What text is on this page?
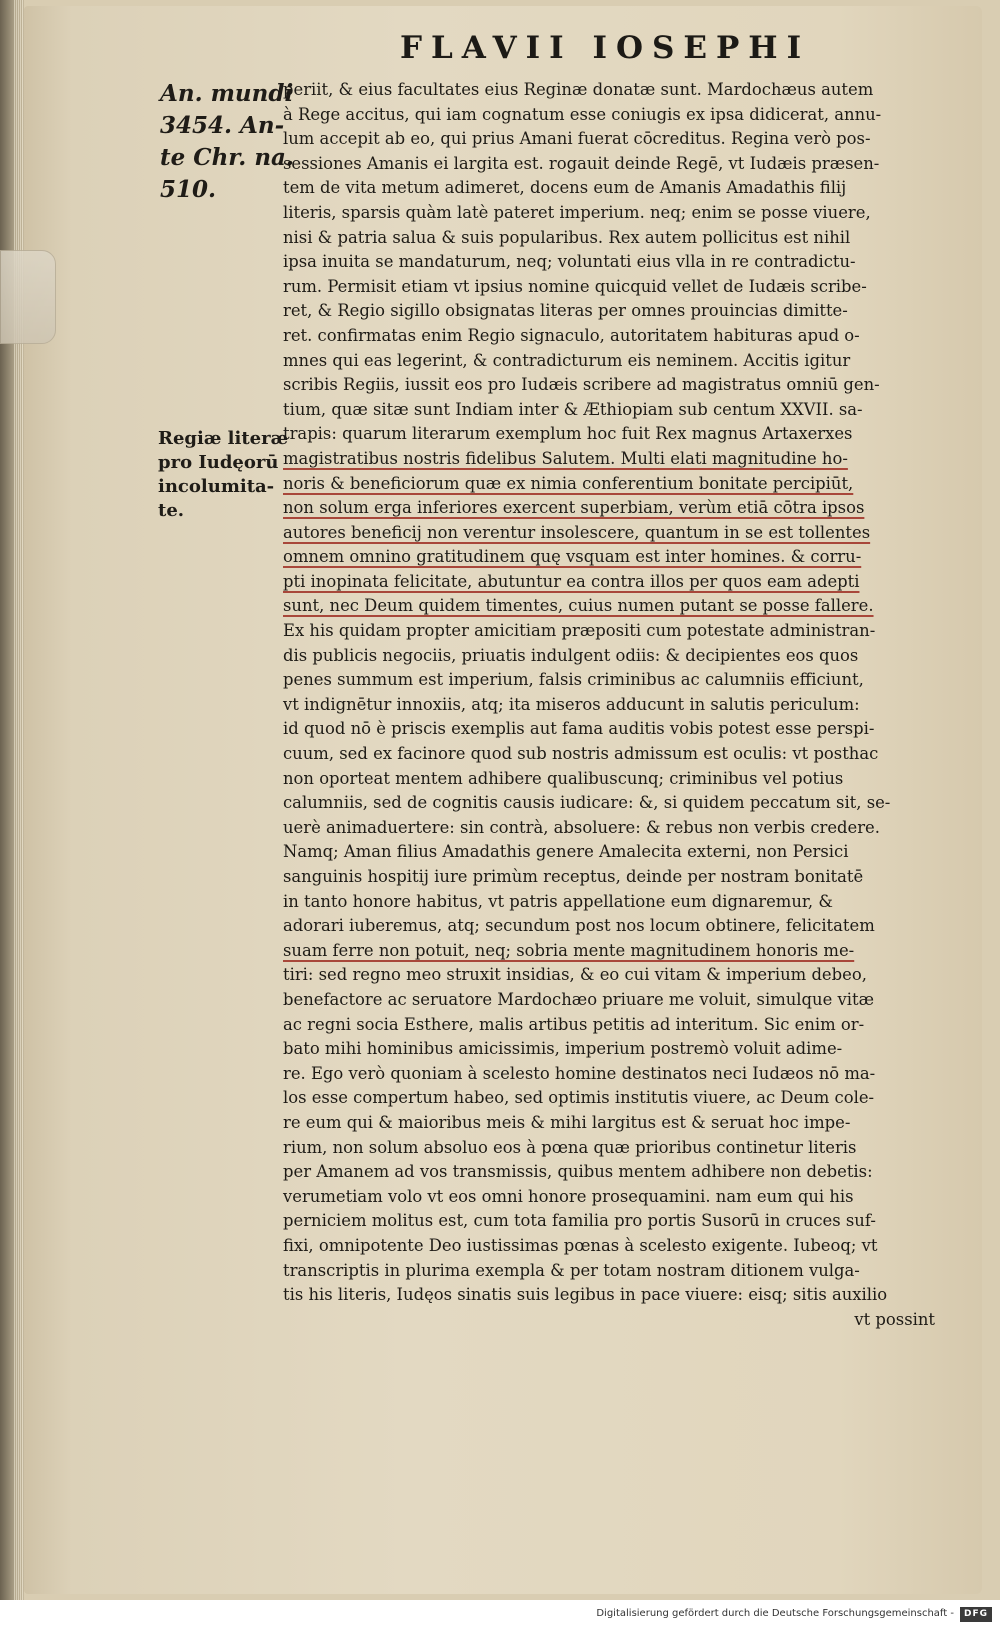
FLAVII IOSEPHI
An. mundi
3454. An-
te Chr. na.
510.
Regiæ literæ
pro Iudęorū
incolumita-
te.
periit, & eius facultates eius Reginæ donatæ sunt. Mardochæus autem
à Rege accitus, qui iam cognatum esse coniugis ex ipsa didicerat, annu-
lum accepit ab eo, qui prius Amani fuerat cōcreditus. Regina verò pos-
sessiones Amanis ei largita est. rogauit deinde Regē, vt Iudæis præsen-
tem de vita metum adimeret, docens eum de Amanis Amadathis filij
literis, sparsis quàm latè pateret imperium. neq; enim se posse viuere,
nisi & patria salua & suis popularibus. Rex autem pollicitus est nihil
ipsa inuita se mandaturum, neq; voluntati eius vlla in re contradictu-
rum. Permisit etiam vt ipsius nomine quicquid vellet de Iudæis scribe-
ret, & Regio sigillo obsignatas literas per omnes prouincias dimitte-
ret. confirmatas enim Regio signaculo, autoritatem habituras apud o-
mnes qui eas legerint, & contradicturum eis neminem. Accitis igitur
scribis Regiis, iussit eos pro Iudæis scribere ad magistratus omniū gen-
tium, quæ sitæ sunt Indiam inter & Æthiopiam sub centum XXVII. sa-
trapis: quarum literarum exemplum hoc fuit Rex magnus Artaxerxes
magistratibus nostris fidelibus Salutem. Multi elati magnitudine ho-
noris & beneficiorum quæ ex nimia conferentium bonitate percipiūt,
non solum erga inferiores exercent superbiam, verùm etiā cōtra ipsos
autores beneficij non verentur insolescere, quantum in se est tollentes
omnem omnino gratitudinem quę vsquam est inter homines. & corru-
pti inopinata felicitate, abutuntur ea contra illos per quos eam adepti
sunt, nec Deum quidem timentes, cuius numen putant se posse fallere.
Ex his quidam propter amicitiam præpositi cum potestate administran-
dis publicis negociis, priuatis indulgent odiis: & decipientes eos quos
penes summum est imperium, falsis criminibus ac calumniis efficiunt,
vt indignētur innoxiis, atq; ita miseros adducunt in salutis periculum:
id quod nō è priscis exemplis aut fama auditis vobis potest esse perspi-
cuum, sed ex facinore quod sub nostris admissum est oculis: vt posthac
non oporteat mentem adhibere qualibuscunq; criminibus vel potius
calumniis, sed de cognitis causis iudicare: &, si quidem peccatum sit, se-
uerè animaduertere: sin contrà, absoluere: & rebus non verbis credere.
Namq; Aman filius Amadathis genere Amalecita externi, non Persici
sanguinis hospitij iure primùm receptus, deinde per nostram bonitatē
in tanto honore habitus, vt patris appellatione eum dignaremur, &
adorari iuberemus, atq; secundum post nos locum obtinere, felicitatem
suam ferre non potuit, neq; sobria mente magnitudinem honoris me-
tiri: sed regno meo struxit insidias, & eo cui vitam & imperium debeo,
benefactore ac seruatore Mardochæo priuare me voluit, simulque vitæ
ac regni socia Esthere, malis artibus petitis ad interitum. Sic enim or-
bato mihi hominibus amicissimis, imperium postremò voluit adime-
re. Ego verò quoniam à scelesto homine destinatos neci Iudæos nō ma-
los esse compertum habeo, sed optimis institutis viuere, ac Deum cole-
re eum qui & maioribus meis & mihi largitus est & seruat hoc impe-
rium, non solum absoluo eos à pœna quæ prioribus continetur literis
per Amanem ad vos transmissis, quibus mentem adhibere non debetis:
verumetiam volo vt eos omni honore prosequamini. nam eum qui his
perniciem molitus est, cum tota familia pro portis Susorū in cruces suf-
fixi, omnipotente Deo iustissimas pœnas à scelesto exigente. Iubeoq; vt
transcriptis in plurima exempla & per totam nostram ditionem vulga-
tis his literis, Iudęos sinatis suis legibus in pace viuere: eisq; sitis auxilio
vt possint
Digitalisierung gefördert durch die Deutsche Forschungsgemeinschaft -	DFG
